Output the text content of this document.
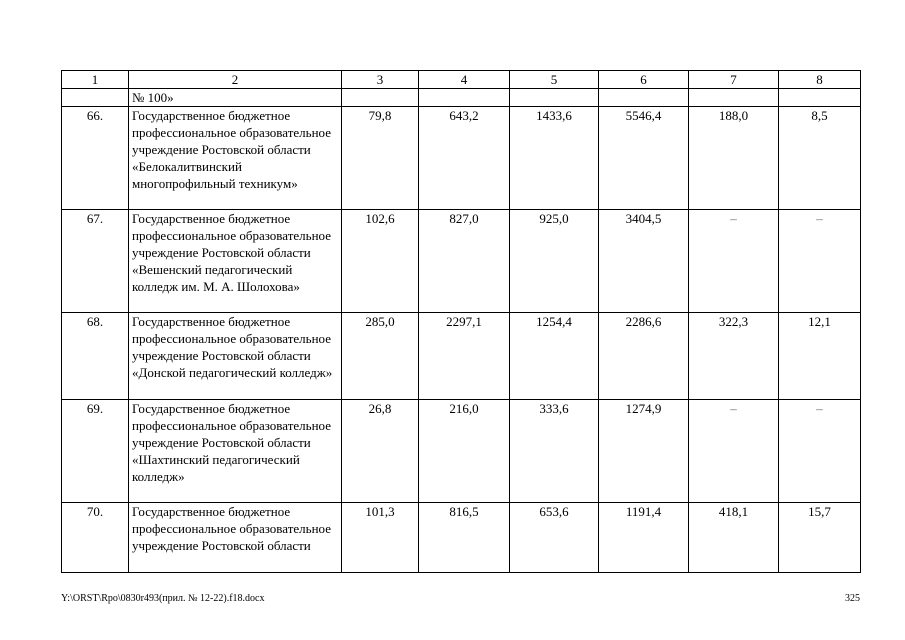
1	2	3	4	5	6	7	8
	№ 100»						
66.	Государственное бюджетное профессиональное образовательное учреждение Ростовской области «Белокалитвинский многопрофильный техникум»	79,8	643,2	1433,6	5546,4	188,0	8,5
67.	Государственное бюджетное профессиональное образовательное учреждение Ростовской области «Вешенский педагогический колледж им. М. А. Шолохова»	102,6	827,0	925,0	3404,5	–	–
68.	Государственное бюджетное профессиональное образовательное учреждение Ростовской области «Донской педагогический колледж»	285,0	2297,1	1254,4	2286,6	322,3	12,1
69.	Государственное бюджетное профессиональное образовательное учреждение Ростовской области «Шахтинский педагогический колледж»	26,8	216,0	333,6	1274,9	–	–
70.	Государственное бюджетное профессиональное образовательное учреждение Ростовской области	101,3	816,5	653,6	1191,4	418,1	15,7
Y:\ORST\Rpo\0830r493(прил. № 12-22).f18.docx	325
